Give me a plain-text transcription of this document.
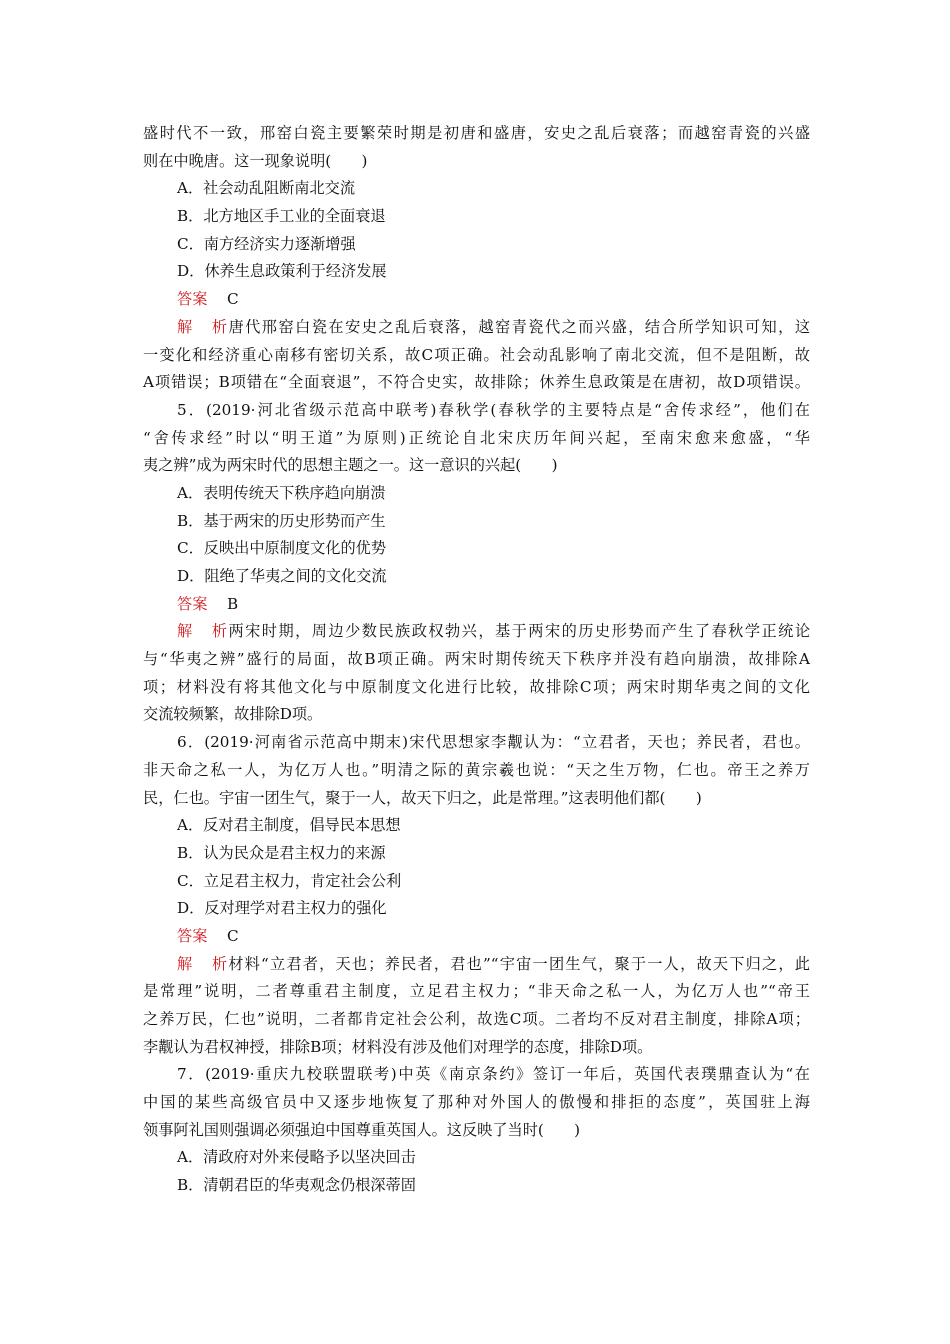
盛时代不一致，邢窑白瓷主要繁荣时期是初唐和盛唐，安史之乱后衰落；而越窑青瓷的兴盛
则在中晚唐。这一现象说明(　　)
A．社会动乱阻断南北交流
B．北方地区手工业的全面衰退
C．南方经济实力逐渐增强
D．休养生息政策利于经济发展
答案 C
解析唐代邢窑白瓷在安史之乱后衰落，越窑青瓷代之而兴盛，结合所学知识可知，这
一变化和经济重心南移有密切关系，故C项正确。社会动乱影响了南北交流，但不是阻断，故
A项错误；B项错在“全面衰退”，不符合史实，故排除；休养生息政策是在唐初，故D项错误。
5．(2019·河北省级示范高中联考)春秋学(春秋学的主要特点是“舍传求经”，他们在
“舍传求经”时以“明王道”为原则)正统论自北宋庆历年间兴起，至南宋愈来愈盛，“华
夷之辨”成为两宋时代的思想主题之一。这一意识的兴起(　　)
A．表明传统天下秩序趋向崩溃
B．基于两宋的历史形势而产生
C．反映出中原制度文化的优势
D．阻绝了华夷之间的文化交流
答案 B
解析两宋时期，周边少数民族政权勃兴，基于两宋的历史形势而产生了春秋学正统论
与“华夷之辨”盛行的局面，故B项正确。两宋时期传统天下秩序并没有趋向崩溃，故排除A
项；材料没有将其他文化与中原制度文化进行比较，故排除C项；两宋时期华夷之间的文化
交流较频繁，故排除D项。
6．(2019·河南省示范高中期末)宋代思想家李觏认为：“立君者，天也；养民者，君也。
非天命之私一人，为亿万人也。”明清之际的黄宗羲也说：“天之生万物，仁也。帝王之养万
民，仁也。宇宙一团生气，聚于一人，故天下归之，此是常理。”这表明他们都(　　)
A．反对君主制度，倡导民本思想
B．认为民众是君主权力的来源
C．立足君主权力，肯定社会公利
D．反对理学对君主权力的强化
答案 C
解析材料“立君者，天也；养民者，君也”“宇宙一团生气，聚于一人，故天下归之，此
是常理”说明，二者尊重君主制度，立足君主权力；“非天命之私一人，为亿万人也”“帝王
之养万民，仁也”说明，二者都肯定社会公利，故选C项。二者均不反对君主制度，排除A项；
李觏认为君权神授，排除B项；材料没有涉及他们对理学的态度，排除D项。
7．(2019·重庆九校联盟联考)中英《南京条约》签订一年后，英国代表璞鼎查认为“在
中国的某些高级官员中又逐步地恢复了那种对外国人的傲慢和排拒的态度”，英国驻上海
领事阿礼国则强调必须强迫中国尊重英国人。这反映了当时(　　)
A．清政府对外来侵略予以坚决回击
B．清朝君臣的华夷观念仍根深蒂固
